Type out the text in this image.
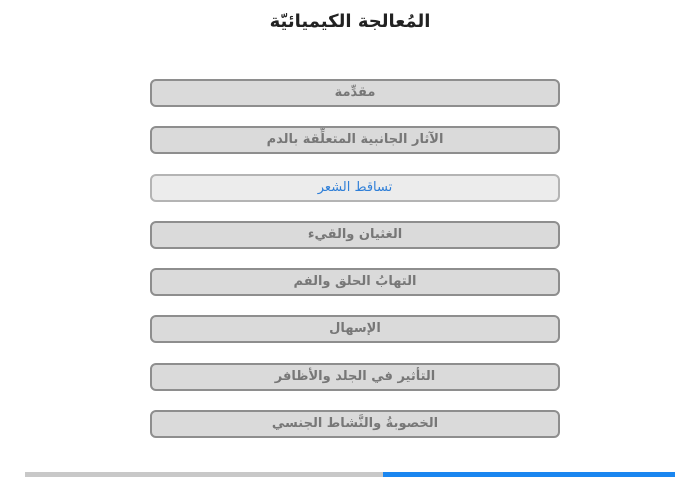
المُعالجة الكيميائيّة
مقدِّمة
الآثار الجانبية المتعلِّقة بالدم
تساقط الشعر
الغثيان والقيء
التهابُ الحلق والفم
الإسهال
التأثير في الجلد والأظافر
الخصوبةُ والنَّشاط الجنسي
